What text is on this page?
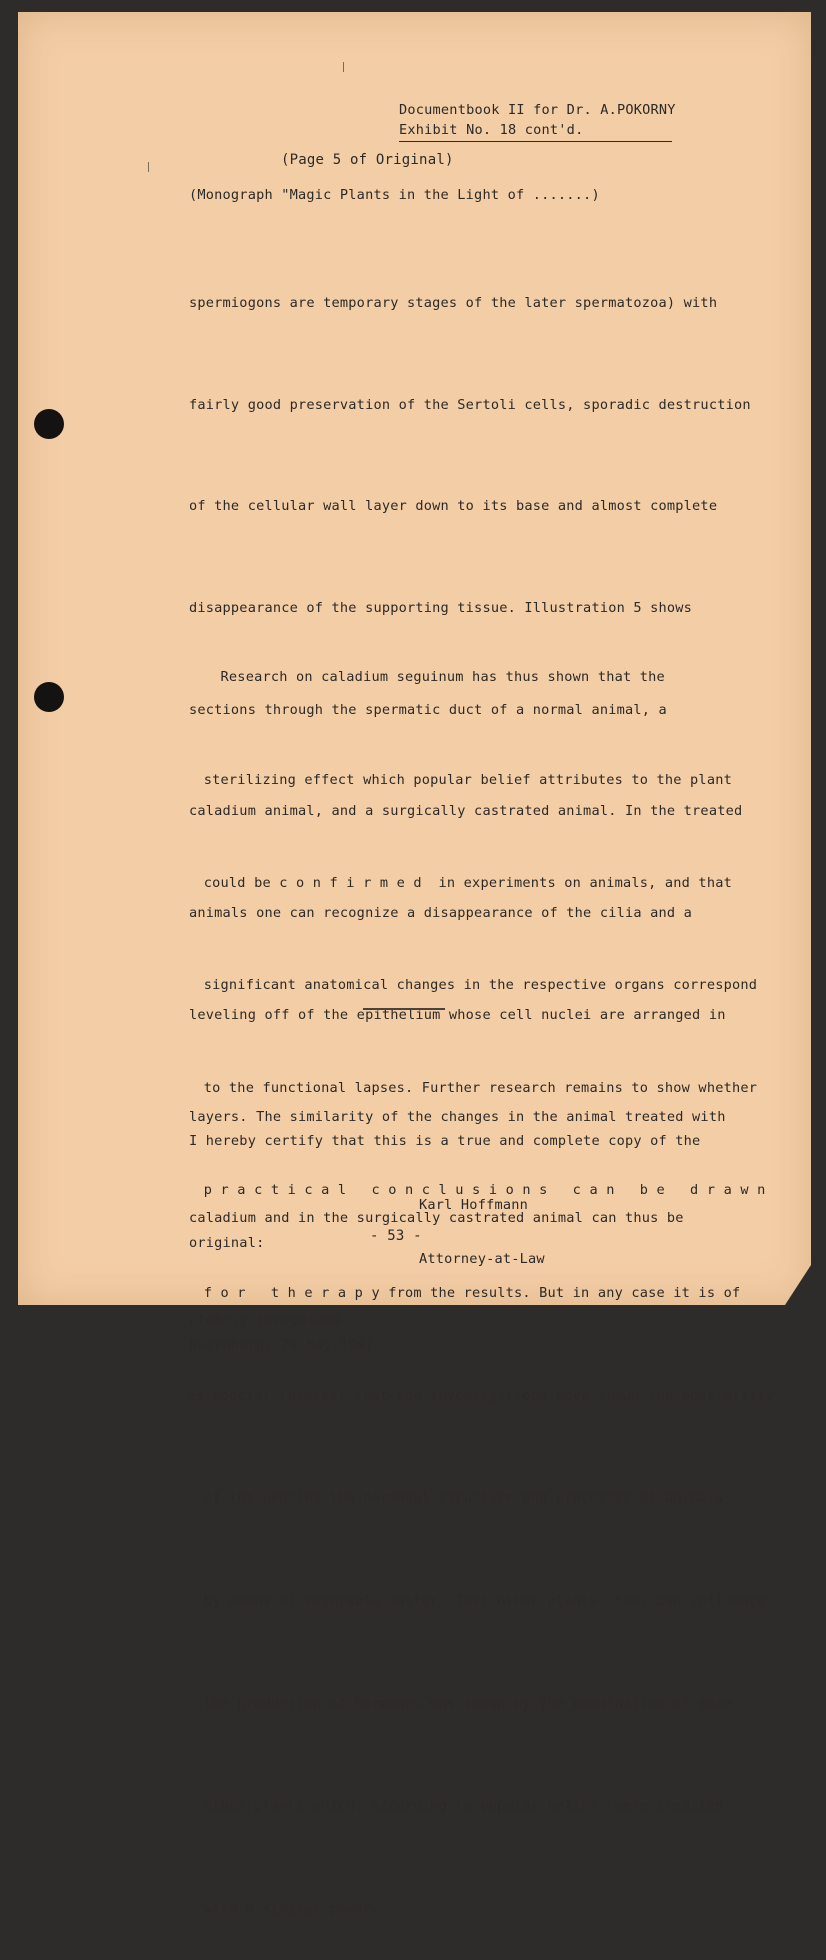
Documentbook II for Dr. A.POKORNY
Exhibit No. 18 cont'd.
(Page 5 of Original)
(Monograph "Magic Plants in the Light of .......)

spermiogons are temporary stages of the later spermatozoa) with

fairly good preservation of the Sertoli cells, sporadic destruction

of the cellular wall layer down to its base and almost complete

disappearance of the supporting tissue. Illustration 5 shows

sections through the spermatic duct of a normal animal, a

caladium animal, and a surgically castrated animal. In the treated

animals one can recognize a disappearance of the cilia and a

leveling off of the epithelium whose cell nuclei are arranged in

layers. The similarity of the changes in the animal treated with

caladium and in the surgically castrated animal can thus be

clearly recognized.

Research on caladium seguinum has thus shown that the

sterilizing effect which popular belief attributes to the plant

could be c o n f i r m e d  in experiments on animals, and that

significant anatomical changes in the respective organs correspond

to the functional lapses. Further research remains to show whether

p r a c t i c a l   c o n c l u s i o n s   c a n   b e   d r a w n

f o r   t h e r a p y from the results. But in any case it is of

es special interest that the investigations have shown the possibility

of influencing the hormonal structure and processes of animals

by means of vegetable matter. That other plants, too, can influence

the production of hormones was shown by the examination of some

other plants which, according to popular belief, were credited

with a similar power.

I hereby certify that this is a true and complete copy of the

original:

Nuernberg, 20 May 1947

Karl Hoffmann

Attorney-at-Law

- 53 -
